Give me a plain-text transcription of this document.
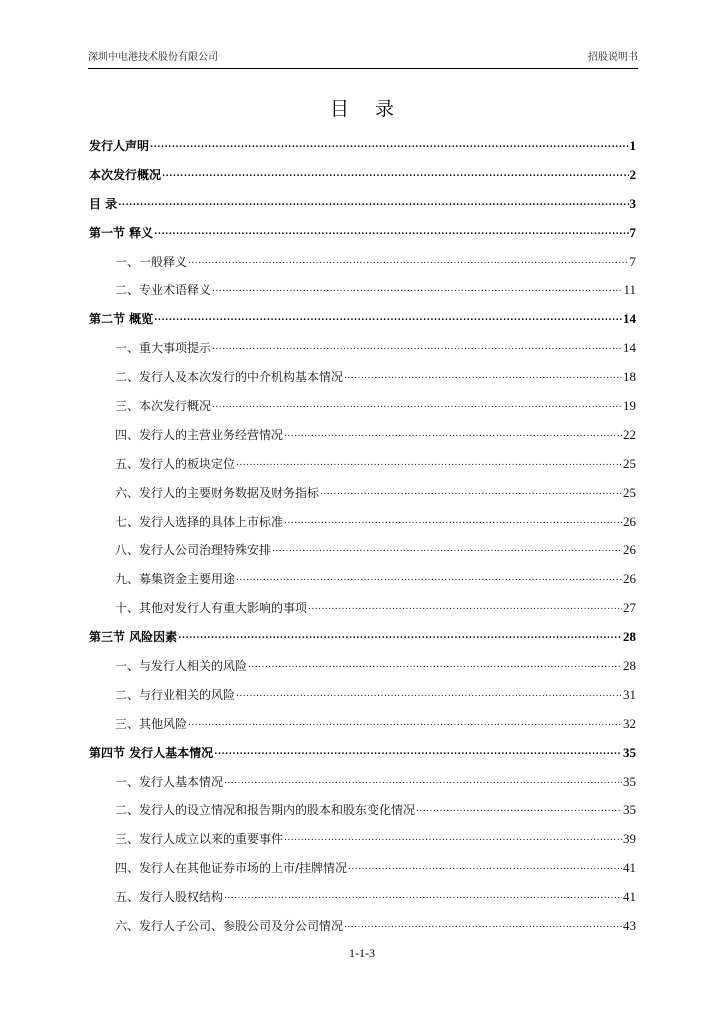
深圳中电港技术股份有限公司	招股说明书
目 录
发行人声明 .....	1
本次发行概况 .....	2
目 录 .....	3
第一节 释义 .....	7
一、一般释义 .....	7
二、专业术语释义 .....	11
第二节 概览 .....	14
一、重大事项提示 .....	14
二、发行人及本次发行的中介机构基本情况 .....	18
三、本次发行概况 .....	19
四、发行人的主营业务经营情况 .....	22
五、发行人的板块定位 .....	25
六、发行人的主要财务数据及财务指标 .....	25
七、发行人选择的具体上市标准 .....	26
八、发行人公司治理特殊安排 .....	26
九、募集资金主要用途 .....	26
十、其他对发行人有重大影响的事项 .....	27
第三节 风险因素 .....	28
一、与发行人相关的风险 .....	28
二、与行业相关的风险 .....	31
三、其他风险 .....	32
第四节 发行人基本情况 .....	35
一、发行人基本情况 .....	35
二、发行人的设立情况和报告期内的股本和股东变化情况 .....	35
三、发行人成立以来的重要事件 .....	39
四、发行人在其他证券市场的上市/挂牌情况 .....	41
五、发行人股权结构 .....	41
六、发行人子公司、参股公司及分公司情况 .....	43
1-1-3
